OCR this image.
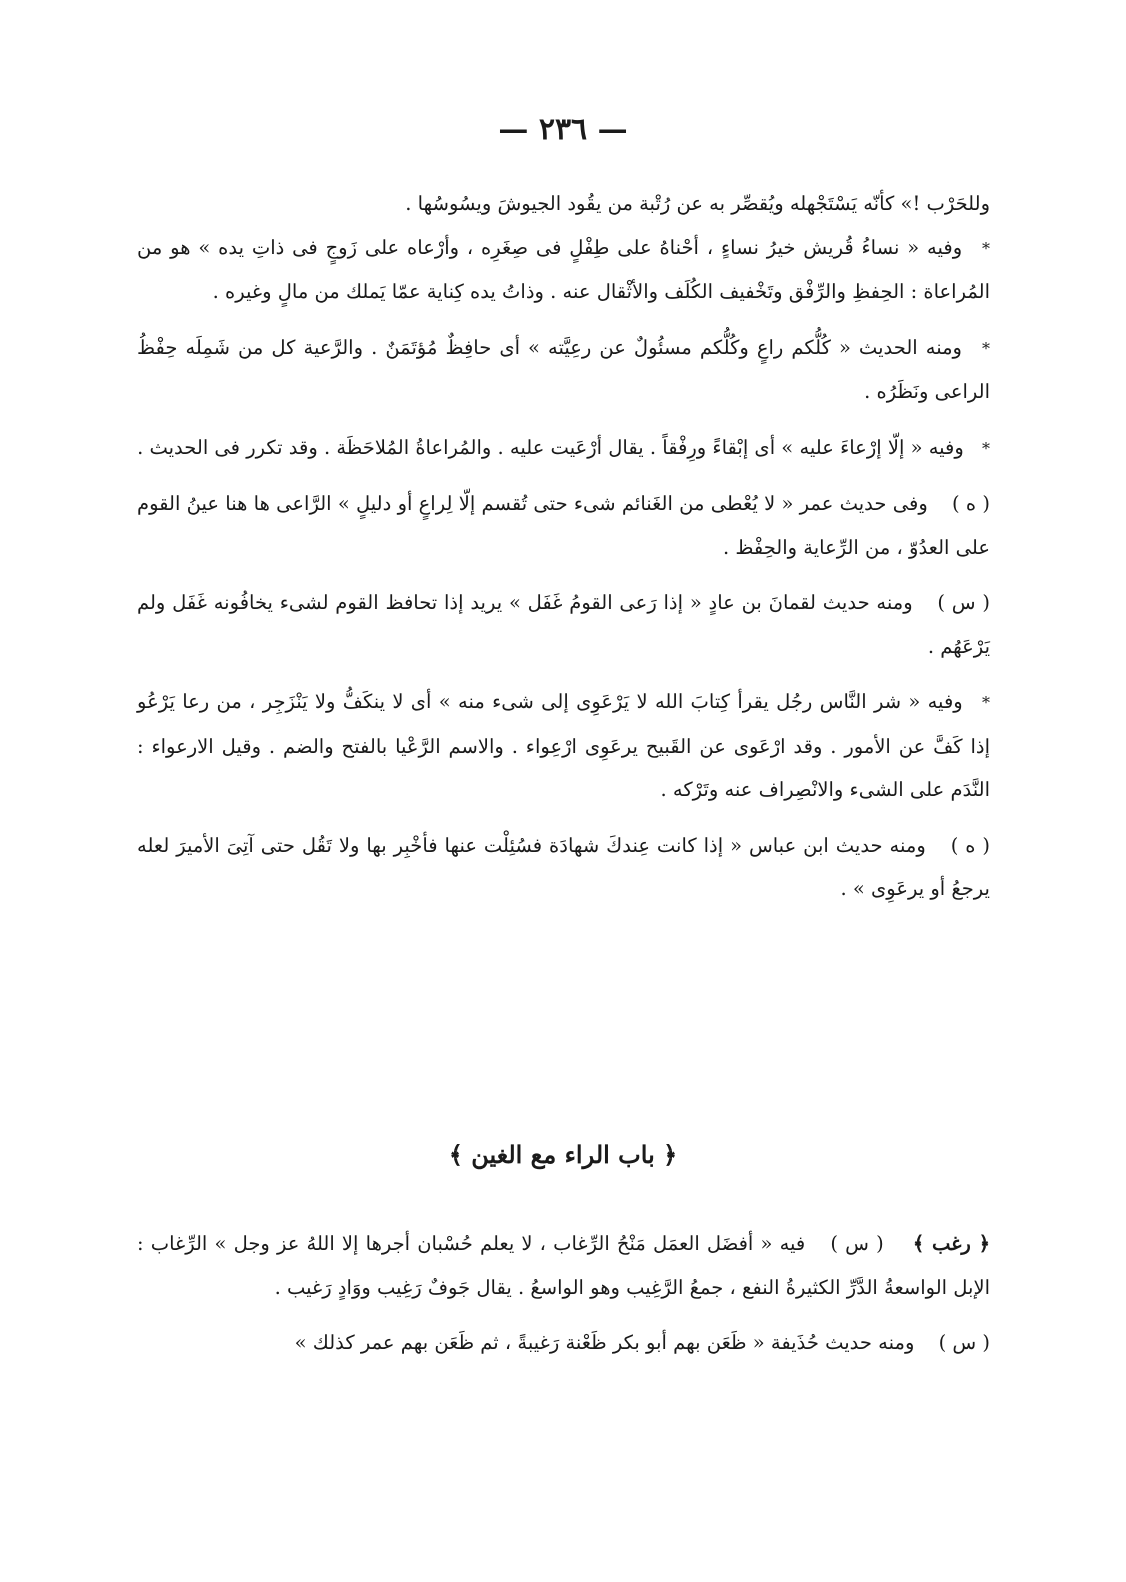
— ٢٣٦ —

وللحَرْب !» كأنّه يَسْتَجْهله ويُقصِّر به عن رُتْبة من يقُود الجيوشَ ويسُوسُها .

* وفيه « نساءُ قُريش خيرُ نساءٍ ، أحْناهُ على طِفْلٍ فى صِغَرِه ، وأرْعاه على زَوجٍ فى ذاتِ يده » هو من المُراعاة : الحِفظِ والرِّفْق وتَخْفيف الكُلَف والأثْقال عنه . وذاتُ يده كِناية عمّا يَملك من مالٍ وغيره .

* ومنه الحديث « كُلُّكم راعٍ وكُلُّكم مسئُولٌ عن رعِيَّته » أى حافِظٌ مُؤتَمَنٌ . والرَّعية كل من شَمِلَه حِفْظُ الراعى ونَظَرُه .

* وفيه « إلّا إرْعاءَ عليه » أى إبْقاءً ورِفْقاً . يقال أرْعَيت عليه . والمُراعاةُ المُلاحَظَة . وقد تكرر فى الحديث .

( ه ) وفى حديث عمر « لا يُعْطى من الغَنائم شىء حتى تُقسم إلّا لِراعٍ أو دليلٍ » الرَّاعى ها هنا عينُ القوم على العدُوّ ، من الرِّعاية والحِفْظ .

( س ) ومنه حديث لقمانَ بن عادٍ « إذا رَعى القومُ غَفَل » يريد إذا تحافظ القوم لشىء يخافُونه غَفَل ولم يَرْعَهُم .

* وفيه « شر النَّاس رجُل يقرأ كِتابَ الله لا يَرْعَوِى إلى شىء منه » أى لا ينكَفُّ ولا يَنْزَجِر ، من رعا يَرْعُو إذا كَفَّ عن الأمور . وقد ارْعَوى عن القَبيح يرعَوِى ارْعِواء . والاسم الرَّعْيا بالفتح والضم . وقيل الارعواء : النَّدَم على الشىء والانْصِراف عنه وتَرْكه .

( ه ) ومنه حديث ابن عباس « إذا كانت عِندكَ شهادَة فسُئِلْت عنها فأخْبِر بها ولا تَقُل حتى آتِىَ الأميرَ لعله يرجعُ أو يرعَوِى » .

﴿ باب الراء مع الغين ﴾

﴿ رغب ﴾ ( س ) فيه « أفضَل العمَل مَنْحُ الرِّغاب ، لا يعلم حُسْبان أجرها إلا اللهُ عز وجل » الرِّغاب : الإبل الواسعةُ الدَّرِّ الكثيرةُ النفع ، جمعُ الرَّغِيب وهو الواسعُ . يقال جَوفٌ رَغِيب ووَادٍ رَغيب .

( س ) ومنه حديث حُذَيفة « ظَعَن بهم أبو بكر ظَعْنة رَغيبةً ، ثم ظَعَن بهم عمر كذلك »
